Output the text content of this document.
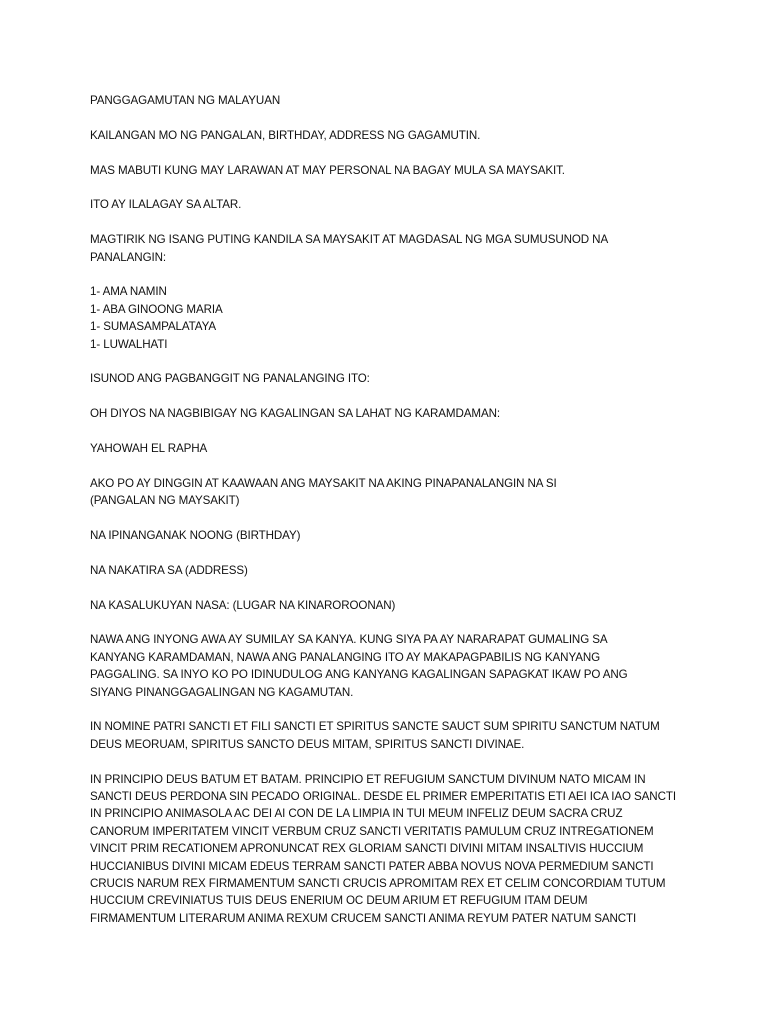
PANGGAGAMUTAN NG MALAYUAN

KAILANGAN MO NG PANGALAN, BIRTHDAY, ADDRESS NG GAGAMUTIN.

MAS MABUTI KUNG MAY LARAWAN AT MAY PERSONAL NA BAGAY MULA SA MAYSAKIT.

ITO AY ILALAGAY SA ALTAR.

MAGTIRIK NG ISANG PUTING KANDILA SA MAYSAKIT AT MAGDASAL NG MGA SUMUSUNOD NA
PANALANGIN:

1- AMA NAMIN
1- ABA GINOONG MARIA
1- SUMASAMPALATAYA
1- LUWALHATI

ISUNOD ANG PAGBANGGIT NG PANALANGING ITO:

OH DIYOS NA NAGBIBIGAY NG KAGALINGAN SA LAHAT NG KARAMDAMAN:

YAHOWAH EL RAPHA

AKO PO AY DINGGIN AT KAAWAAN ANG MAYSAKIT NA AKING PINAPANALANGIN NA SI
(PANGALAN NG MAYSAKIT)

NA IPINANGANAK NOONG (BIRTHDAY)

NA NAKATIRA SA (ADDRESS)

NA KASALUKUYAN NASA: (LUGAR NA KINAROROONAN)

NAWA ANG INYONG AWA AY SUMILAY SA KANYA. KUNG SIYA PA AY NARARAPAT GUMALING SA
KANYANG KARAMDAMAN, NAWA ANG PANALANGING ITO AY MAKAPAGPABILIS NG KANYANG
PAGGALING. SA INYO KO PO IDINUDULOG ANG KANYANG KAGALINGAN SAPAGKAT IKAW PO ANG
SIYANG PINANGGAGALINGAN NG KAGAMUTAN.

IN NOMINE PATRI SANCTI ET FILI SANCTI ET SPIRITUS SANCTE SAUCT SUM SPIRITU SANCTUM NATUM
DEUS MEORUAM, SPIRITUS SANCTO DEUS MITAM, SPIRITUS SANCTI DIVINAE.

IN PRINCIPIO DEUS BATUM ET BATAM. PRINCIPIO ET REFUGIUM SANCTUM DIVINUM NATO MICAM IN
SANCTI DEUS PERDONA SIN PECADO ORIGINAL. DESDE EL PRIMER EMPERITATIS ETI AEI ICA IAO SANCTI
IN PRINCIPIO ANIMASOLA AC DEI AI CON DE LA LIMPIA IN TUI MEUM INFELIZ DEUM SACRA CRUZ
CANORUM IMPERITATEM VINCIT VERBUM CRUZ SANCTI VERITATIS PAMULUM CRUZ INTREGATIONEM
VINCIT PRIM RECATIONEM APRONUNCAT REX GLORIAM SANCTI DIVINI MITAM INSALTIVIS HUCCIUM
HUCCIANIBUS DIVINI MICAM EDEUS TERRAM SANCTI PATER ABBA NOVUS NOVA PERMEDIUM SANCTI
CRUCIS NARUM REX FIRMAMENTUM SANCTI CRUCIS APROMITAM REX ET CELIM CONCORDIAM TUTUM
HUCCIUM CREVINIATUS TUIS DEUS ENERIUM OC DEUM ARIUM ET REFUGIUM ITAM DEUM
FIRMAMENTUM LITERARUM ANIMA REXUM CRUCEM SANCTI ANIMA REYUM PATER NATUM SANCTI
